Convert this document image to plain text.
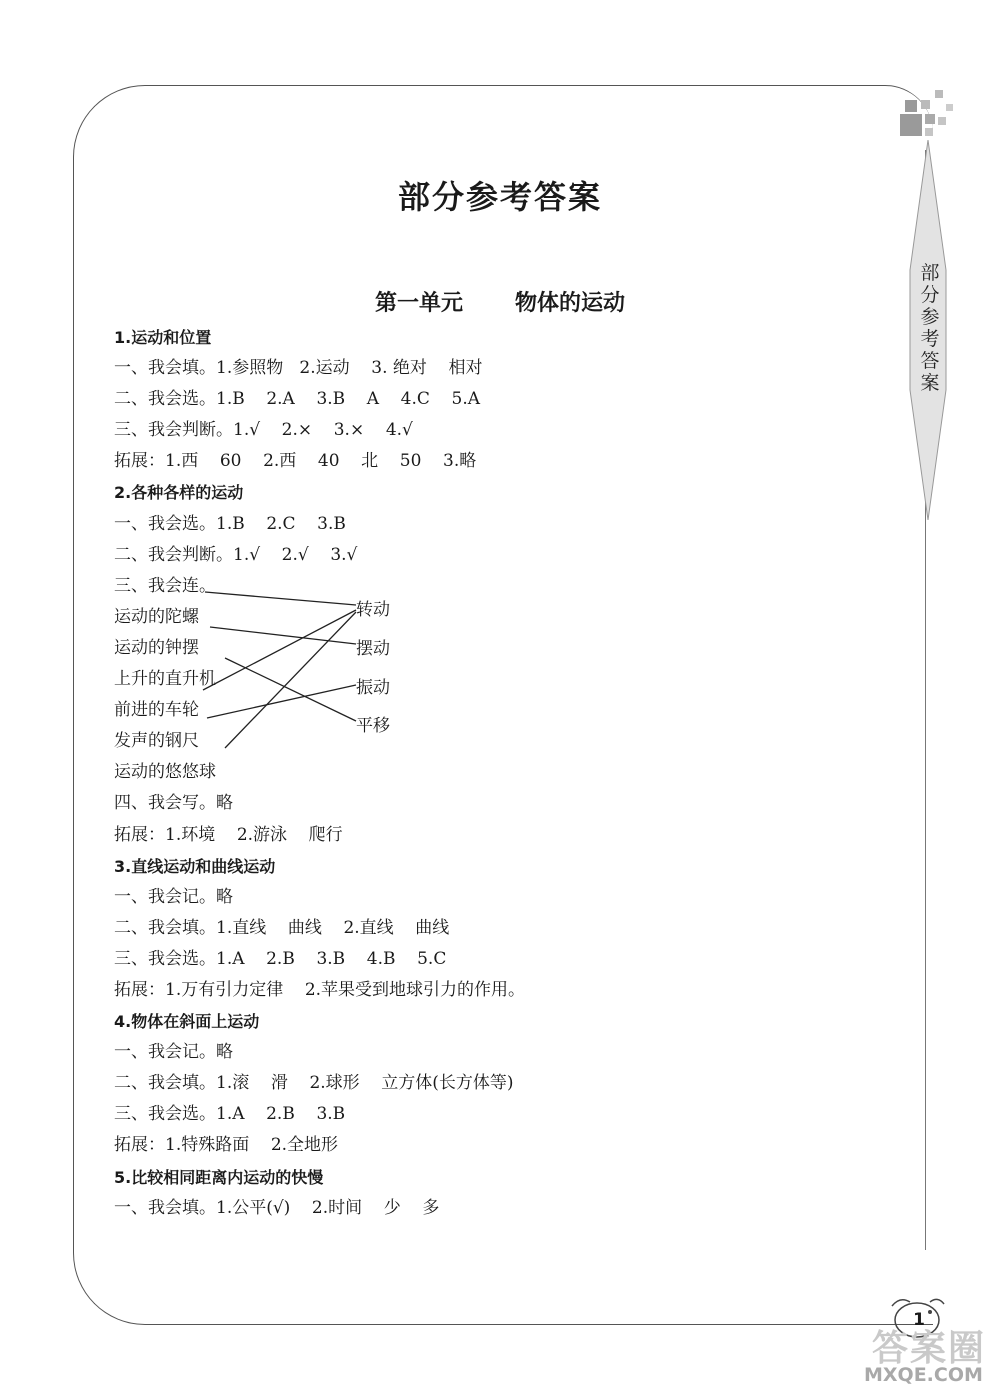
部分参考答案
部分参考答案
第一单元 物体的运动
1.运动和位置
一、我会填。1.参照物   2.运动    3. 绝对    相对
二、我会选。1.B    2.A    3.B    A    4.C    5.A
三、我会判断。1.√    2.×    3.×    4.√
拓展：1.西    60    2.西    40    北    50    3.略
2.各种各样的运动
一、我会选。1.B    2.C    3.B
二、我会判断。1.√    2.√    3.√
三、我会连。
运动的陀螺
运动的钟摆
上升的直升机
前进的车轮
发声的钢尺
运动的悠悠球
四、我会写。略
拓展：1.环境    2.游泳    爬行
3.直线运动和曲线运动
一、我会记。略
二、我会填。1.直线    曲线    2.直线    曲线
三、我会选。1.A    2.B    3.B    4.B    5.C
拓展：1.万有引力定律    2.苹果受到地球引力的作用。
4.物体在斜面上运动
一、我会记。略
二、我会填。1.滚    滑    2.球形    立方体(长方体等)
三、我会选。1.A    2.B    3.B
拓展：1.特殊路面    2.全地形
5.比较相同距离内运动的快慢
一、我会填。1.公平(√)    2.时间    少    多
转动
摆动
振动
平移
1
答案圈
MXQE.COM
